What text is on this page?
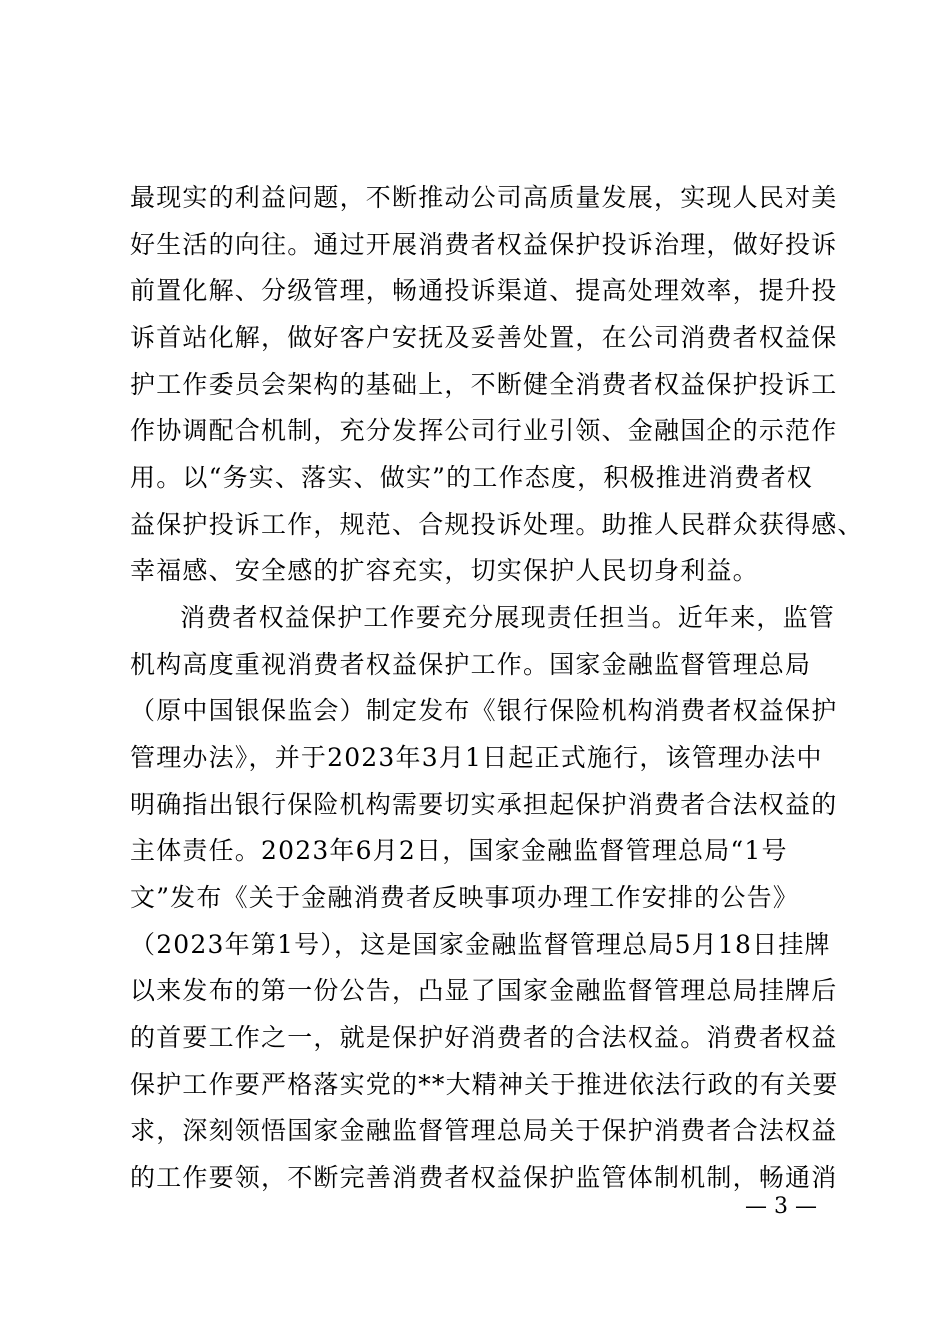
最现实的利益问题，不断推动公司高质量发展，实现人民对美
好生活的向往。通过开展消费者权益保护投诉治理，做好投诉
前置化解、分级管理，畅通投诉渠道、提高处理效率，提升投
诉首站化解，做好客户安抚及妥善处置，在公司消费者权益保
护工作委员会架构的基础上，不断健全消费者权益保护投诉工
作协调配合机制，充分发挥公司行业引领、金融国企的示范作
用。以“务实、落实、做实”的工作态度，积极推进消费者权
益保护投诉工作，规范、合规投诉处理。助推人民群众获得感、
幸福感、安全感的扩容充实，切实保护人民切身利益。
消费者权益保护工作要充分展现责任担当。近年来，监管
机构高度重视消费者权益保护工作。国家金融监督管理总局
（原中国银保监会）制定发布《银行保险机构消费者权益保护
管理办法》，并于2023年3月1日起正式施行，该管理办法中
明确指出银行保险机构需要切实承担起保护消费者合法权益的
主体责任。2023年6月2日，国家金融监督管理总局“1号
文”发布《关于金融消费者反映事项办理工作安排的公告》
（2023年第1号），这是国家金融监督管理总局5月18日挂牌
以来发布的第一份公告，凸显了国家金融监督管理总局挂牌后
的首要工作之一，就是保护好消费者的合法权益。消费者权益
保护工作要严格落实党的**大精神关于推进依法行政的有关要
求，深刻领悟国家金融监督管理总局关于保护消费者合法权益
的工作要领，不断完善消费者权益保护监管体制机制，畅通消
— 3 —
